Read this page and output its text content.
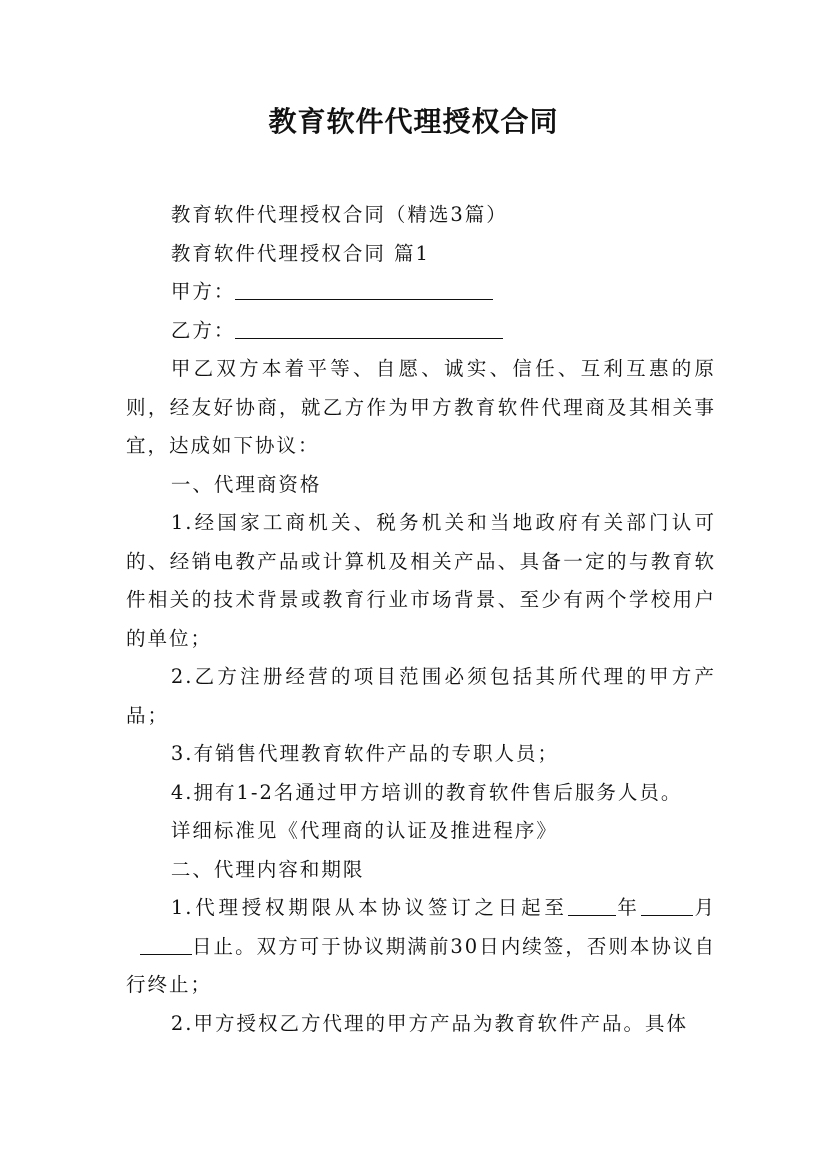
教育软件代理授权合同

教育软件代理授权合同（精选3篇）

教育软件代理授权合同 篇1

甲方：

乙方：

甲乙双方本着平等、自愿、诚实、信任、互利互惠的原则，经友好协商，就乙方作为甲方教育软件代理商及其相关事宜，达成如下协议：

一、代理商资格

1.经国家工商机关、税务机关和当地政府有关部门认可的、经销电教产品或计算机及相关产品、具备一定的与教育软件相关的技术背景或教育行业市场背景、至少有两个学校用户的单位；

2.乙方注册经营的项目范围必须包括其所代理的甲方产品；

3.有销售代理教育软件产品的专职人员；

4.拥有1-2名通过甲方培训的教育软件售后服务人员。

详细标准见《代理商的认证及推进程序》

二、代理内容和期限

1.代理授权期限从本协议签订之日起至 年	月日止。双方可于协议期满前30日内续签，否则本协议自行终止；

2.甲方授权乙方代理的甲方产品为教育软件产品。具体
